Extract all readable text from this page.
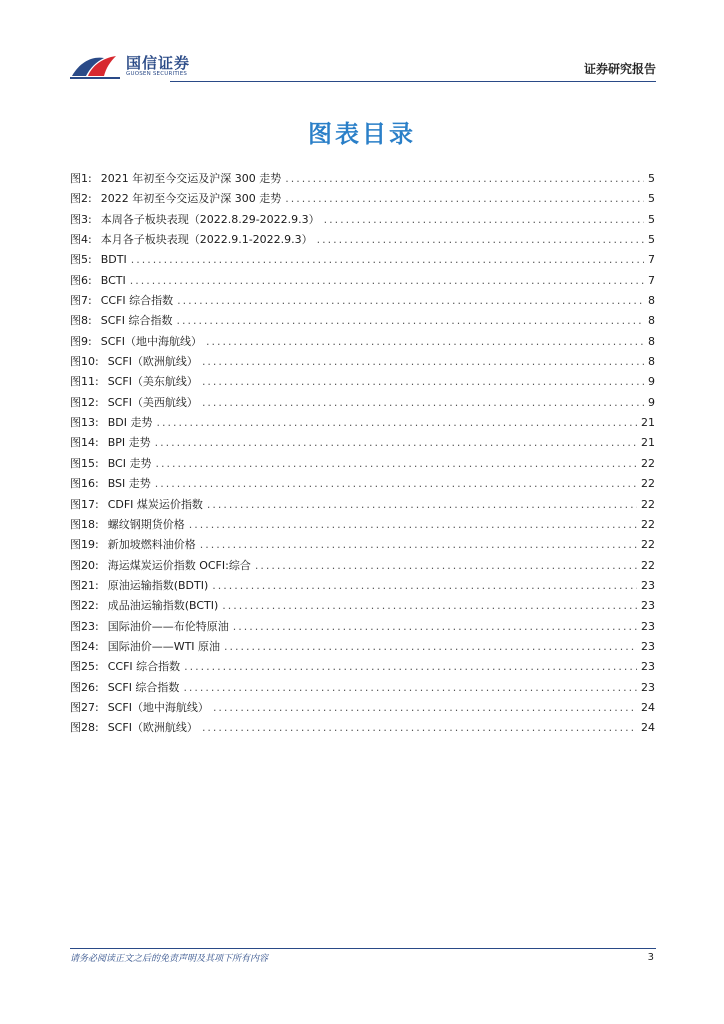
国信证券
GUOSEN SECURITIES	证券研究报告
图表目录
图1: 2021 年初至今交运及沪深 300 走势 .....	5
图2: 2022 年初至今交运及沪深 300 走势 .....	5
图3: 本周各子板块表现（2022.8.29-2022.9.3） .....	5
图4: 本月各子板块表现（2022.9.1-2022.9.3） .....	5
图5: BDTI .....	7
图6: BCTI .....	7
图7: CCFI 综合指数 .....	8
图8: SCFI 综合指数 .....	8
图9: SCFI（地中海航线） .....	8
图10: SCFI（欧洲航线） .....	8
图11: SCFI（美东航线） .....	9
图12: SCFI（美西航线） .....	9
图13: BDI 走势 .....	21
图14: BPI 走势 .....	21
图15: BCI 走势 .....	22
图16: BSI 走势 .....	22
图17: CDFI 煤炭运价指数 .....	22
图18: 螺纹钢期货价格 .....	22
图19: 新加坡燃料油价格 .....	22
图20: 海运煤炭运价指数 OCFI:综合 .....	22
图21: 原油运输指数(BDTI) .....	23
图22: 成品油运输指数(BCTI) .....	23
图23: 国际油价——布伦特原油 .....	23
图24: 国际油价——WTI 原油 .....	23
图25: CCFI 综合指数 .....	23
图26: SCFI 综合指数 .....	23
图27: SCFI（地中海航线） .....	24
图28: SCFI（欧洲航线） .....	24
请务必阅读正文之后的免责声明及其项下所有内容	3
